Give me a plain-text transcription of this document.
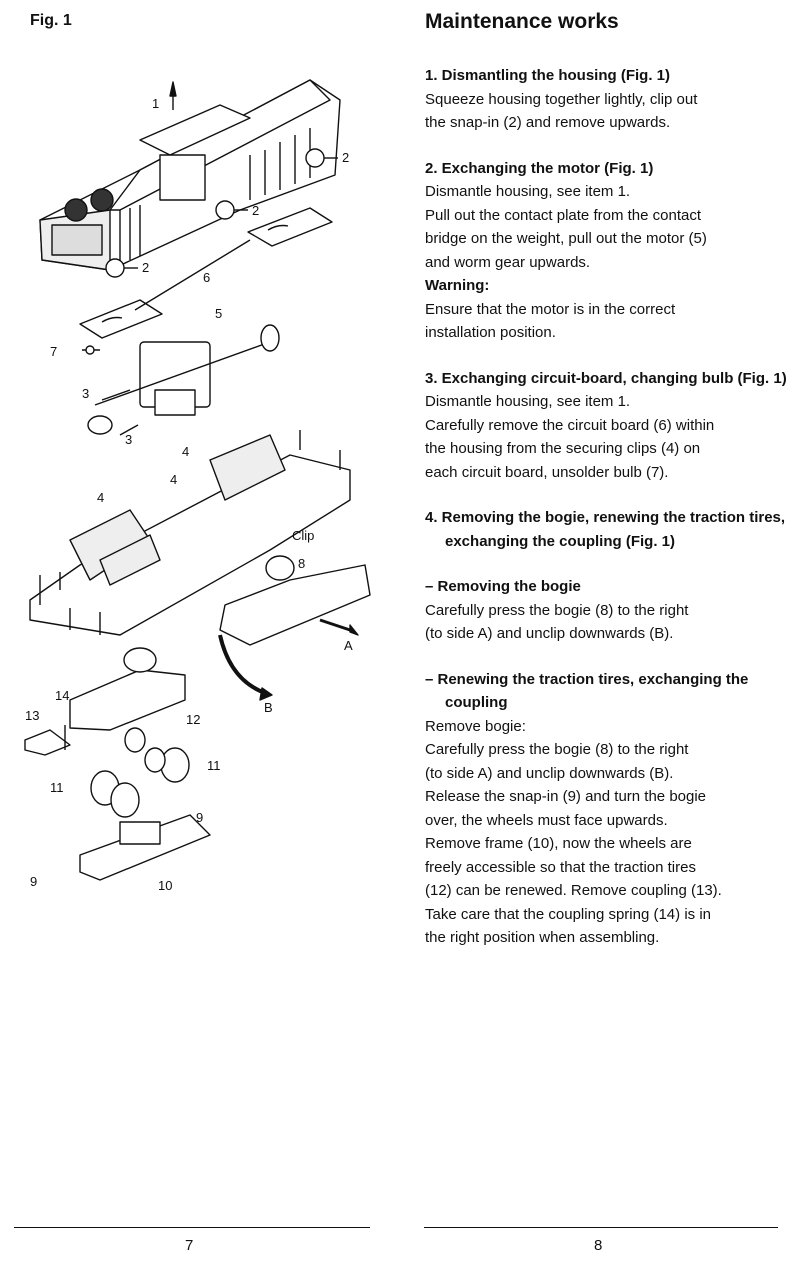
Fig. 1
1
2
2
2
6
5
7
3
3
4
4
4
Clip
8
A
B
14
13	12
11
11
9
9	10
Maintenance works
1. Dismantling the housing (Fig. 1)
Squeeze housing together lightly, clip out
the snap-in (2) and remove upwards.
2. Exchanging the motor (Fig. 1)
Dismantle housing, see item 1.
Pull out the contact plate from the contact
bridge on the weight, pull out the motor (5)
and worm gear upwards.
Warning:
Ensure that the motor is in the correct
installation position.
3. Exchanging circuit-board, changing bulb (Fig. 1)
Dismantle housing, see item 1.
Carefully remove the circuit board (6) within
the housing from the securing clips (4) on
each circuit board, unsolder bulb (7).
4. Removing the bogie, renewing the traction tires, exchanging the coupling (Fig. 1)
– Removing the bogie
Carefully press the bogie (8) to the right
(to side A) and unclip downwards (B).
– Renewing the traction tires, exchanging the coupling
Remove bogie:
Carefully press the bogie (8) to the right
(to side A) and unclip downwards (B).
Release the snap-in (9) and turn the bogie
over, the wheels must face upwards.
Remove frame (10), now the wheels are
freely accessible so that the traction tires
(12) can be renewed. Remove coupling (13).
Take care that the coupling spring (14) is in
the right position when assembling.
7	8
